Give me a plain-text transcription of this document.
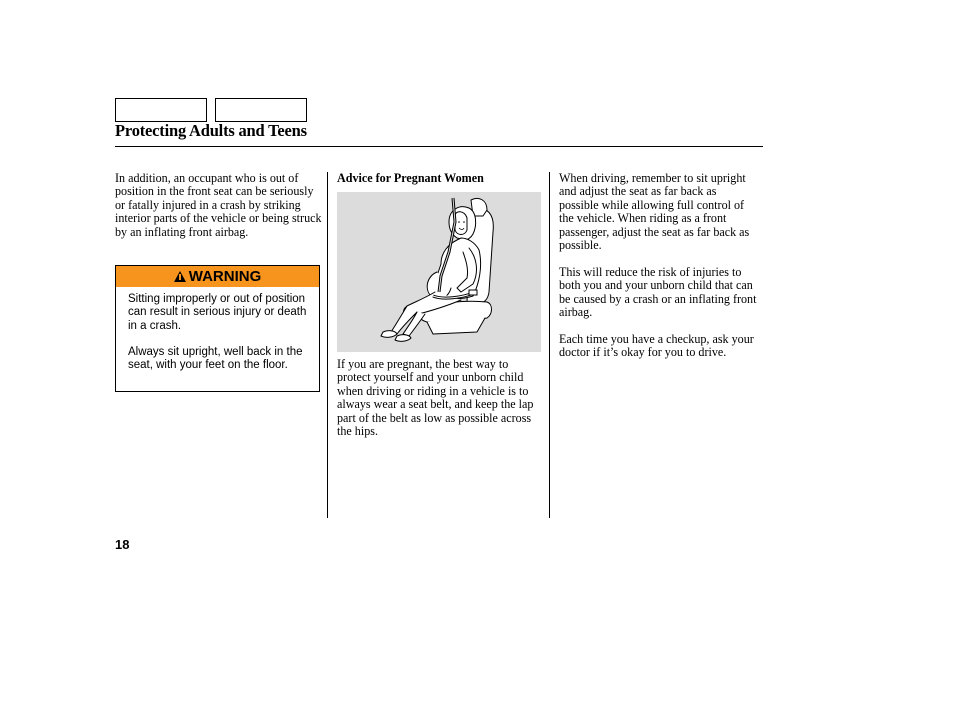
Protecting Adults and Teens

In addition, an occupant who is out of position in the front seat can be seriously or fatally injured in a crash by striking interior parts of the vehicle or being struck by an inflating front airbag.

WARNING

Sitting improperly or out of position can result in serious injury or death in a crash.

Always sit upright, well back in the seat, with your feet on the floor.

Advice for Pregnant Women

If you are pregnant, the best way to protect yourself and your unborn child when driving or riding in a vehicle is to always wear a seat belt, and keep the lap part of the belt as low as possible across the hips.

When driving, remember to sit upright and adjust the seat as far back as possible while allowing full control of the vehicle. When riding as a front passenger, adjust the seat as far back as possible.

This will reduce the risk of injuries to both you and your unborn child that can be caused by a crash or an inflating front airbag.

Each time you have a checkup, ask your doctor if it’s okay for you to drive.

18
